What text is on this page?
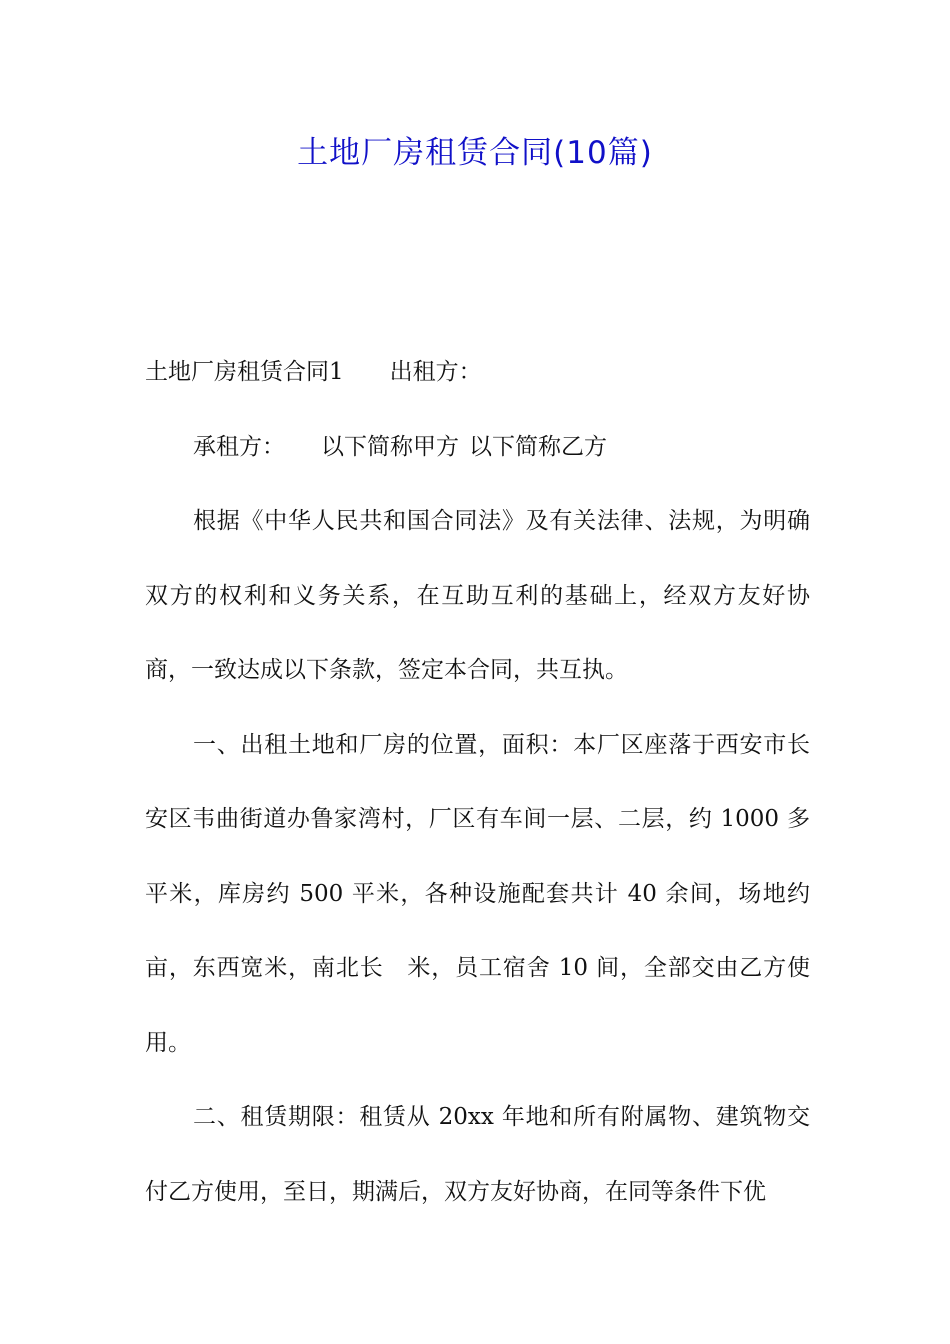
土地厂房租赁合同(10篇)

土地厂房租赁合同1 出租方：

承租方： 以下简称甲方 以下简称乙方

根据《中华人民共和国合同法》及有关法律、法规，为明确双方的权利和义务关系，在互助互利的基础上，经双方友好协商，一致达成以下条款，签定本合同，共互执。

一、出租土地和厂房的位置，面积：本厂区座落于西安市长安区韦曲街道办鲁家湾村，厂区有车间一层、二层，约 1000 多平米，库房约 500 平米，各种设施配套共计 40 余间，场地约亩，东西宽米，南北长　米，员工宿舍 10 间，全部交由乙方使用。

二、租赁期限：租赁从 20xx 年地和所有附属物、建筑物交付乙方使用，至日，期满后，双方友好协商，在同等条件下优
